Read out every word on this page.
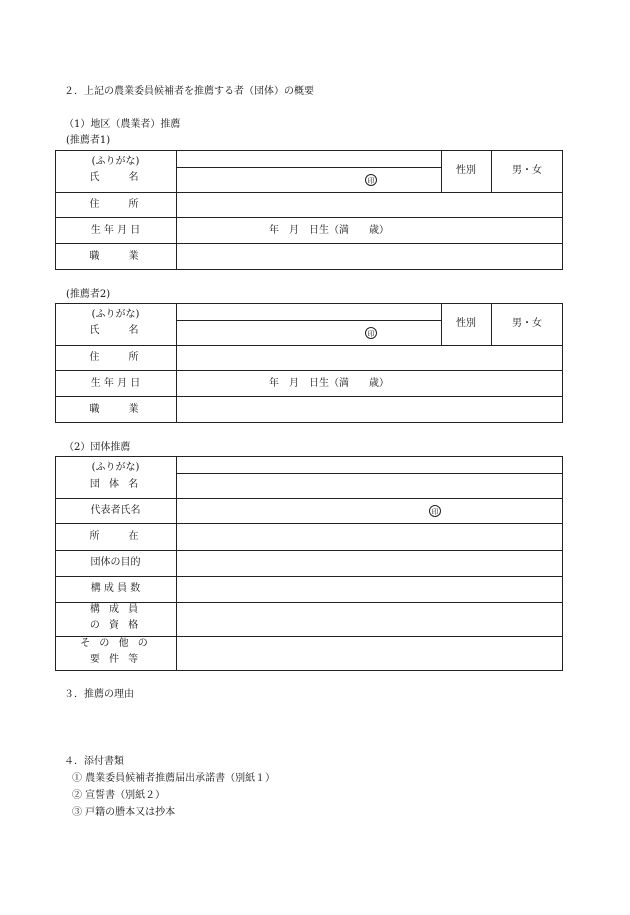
２．上記の農業委員候補者を推薦する者（団体）の概要
（1）地区（農業者）推薦
(推薦者1)
(ふりがな)
氏　　名	印
性別	男・女
住　　所
生 年 月 日	年　月　日生（満　　歳）
職　　業
(推薦者2)
(ふりがな)
氏　　名	印
性別	男・女
住　　所
生 年 月 日	年　月　日生（満　　歳）
職　　業
（2）団体推薦
(ふりがな)
団 体 名
代表者氏名	印
所　　在
団体の目的
構 成 員 数
構 成 員
の 資 格
そ の 他 の
要 件 等
３．推薦の理由
４．添付書類
① 農業委員候補者推薦届出承諾書（別紙１）
② 宣誓書（別紙２）
③ 戸籍の謄本又は抄本
